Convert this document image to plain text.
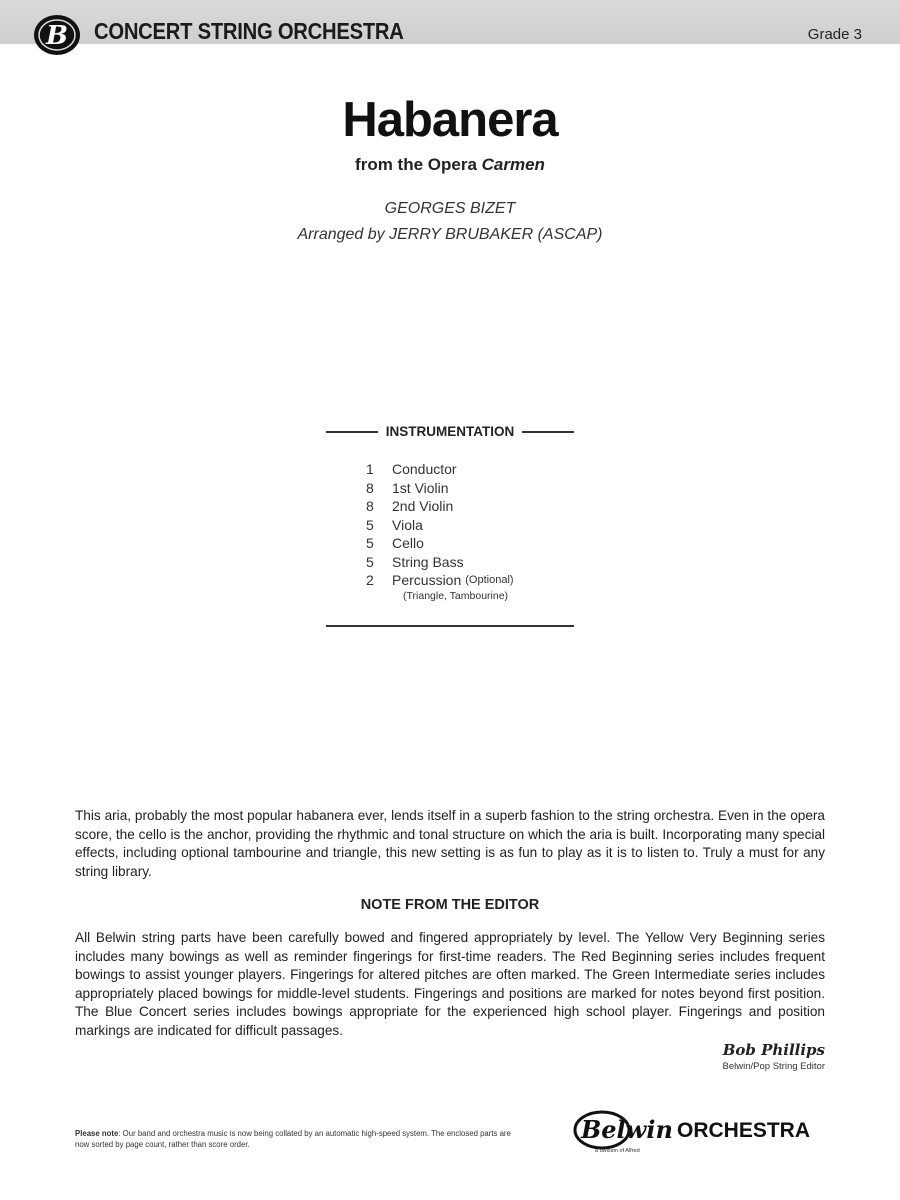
B CONCERT STRING ORCHESTRA	Grade 3
Habanera
from the Opera Carmen
GEORGES BIZET
Arranged by JERRY BRUBAKER (ASCAP)
INSTRUMENTATION
1	Conductor
8	1st Violin
8	2nd Violin
5	Viola
5	Cello
5	String Bass
2	Percussion (Optional)
(Triangle, Tambourine)
This aria, probably the most popular habanera ever, lends itself in a superb fashion to the string orchestra. Even in the opera score, the cello is the anchor, providing the rhythmic and tonal structure on which the aria is built. Incorporating many special effects, including optional tambourine and triangle, this new setting is as fun to play as it is to listen to. Truly a must for any string library.
NOTE FROM THE EDITOR
All Belwin string parts have been carefully bowed and fingered appropriately by level. The Yellow Very Beginning series includes many bowings as well as reminder fingerings for first-time readers. The Red Beginning series includes frequent bowings to assist younger players. Fingerings for altered pitches are often marked. The Green Intermediate series includes appropriately placed bowings for middle-level students. Fingerings and positions are marked for notes beyond first position. The Blue Concert series includes bowings appropriate for the experienced high school player. Fingerings and position markings are indicated for difficult passages.
Bob Phillips
Belwin/Pop String Editor
Please note: Our band and orchestra music is now being collated by an automatic high-speed system. The enclosed parts are now sorted by page count, rather than score order.
Belwin ORCHESTRA
a division of Alfred
